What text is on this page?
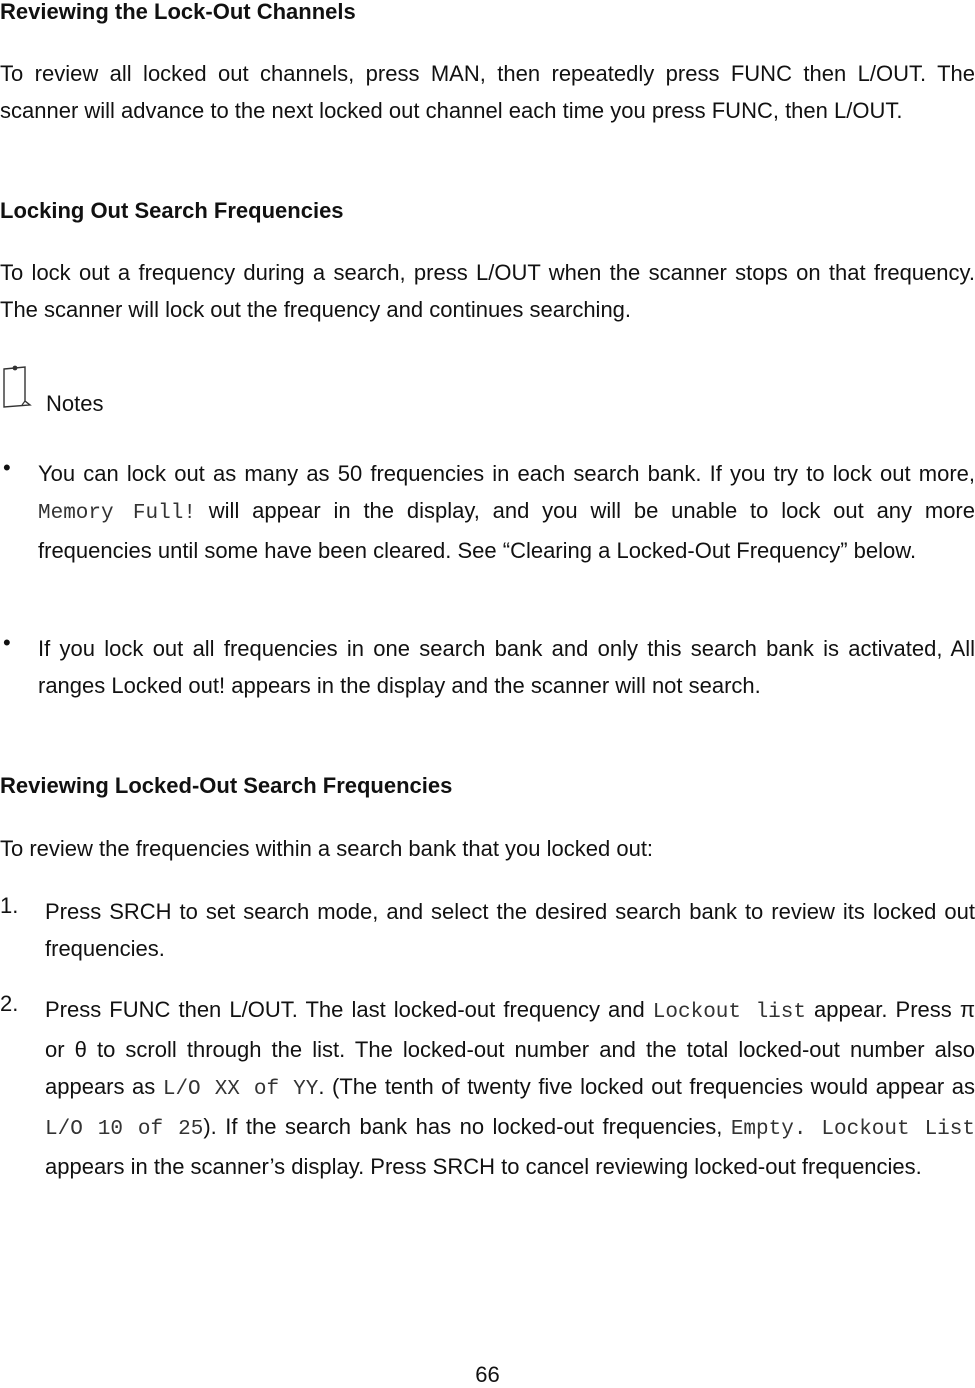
Reviewing the Lock-Out Channels
To review all locked out channels, press MAN, then repeatedly press FUNC then L/OUT. The scanner will advance to the next locked out channel each time you press FUNC, then L/OUT.
Locking Out Search Frequencies
To lock out a frequency during a search, press L/OUT when the scanner stops on that frequency. The scanner will lock out the frequency and continues searching.
Notes
• You can lock out as many as 50 frequencies in each search bank. If you try to lock out more, Memory Full! will appear in the display, and you will be unable to lock out any more frequencies until some have been cleared. See “Clearing a Locked-Out Frequency” below.
• If you lock out all frequencies in one search bank and only this search bank is activated, All ranges Locked out! appears in the display and the scanner will not search.
Reviewing Locked-Out Search Frequencies
To review the frequencies within a search bank that you locked out:
1. Press SRCH to set search mode, and select the desired search bank to review its locked out frequencies.
2. Press FUNC then L/OUT. The last locked-out frequency and Lockout list appear. Press π or θ to scroll through the list. The locked-out number and the total locked-out number also appears as L/O XX of YY. (The tenth of twenty five locked out frequencies would appear as L/O 10 of 25). If the search bank has no locked-out frequencies, Empty. Lockout List appears in the scanner’s display. Press SRCH to cancel reviewing locked-out frequencies.
66
